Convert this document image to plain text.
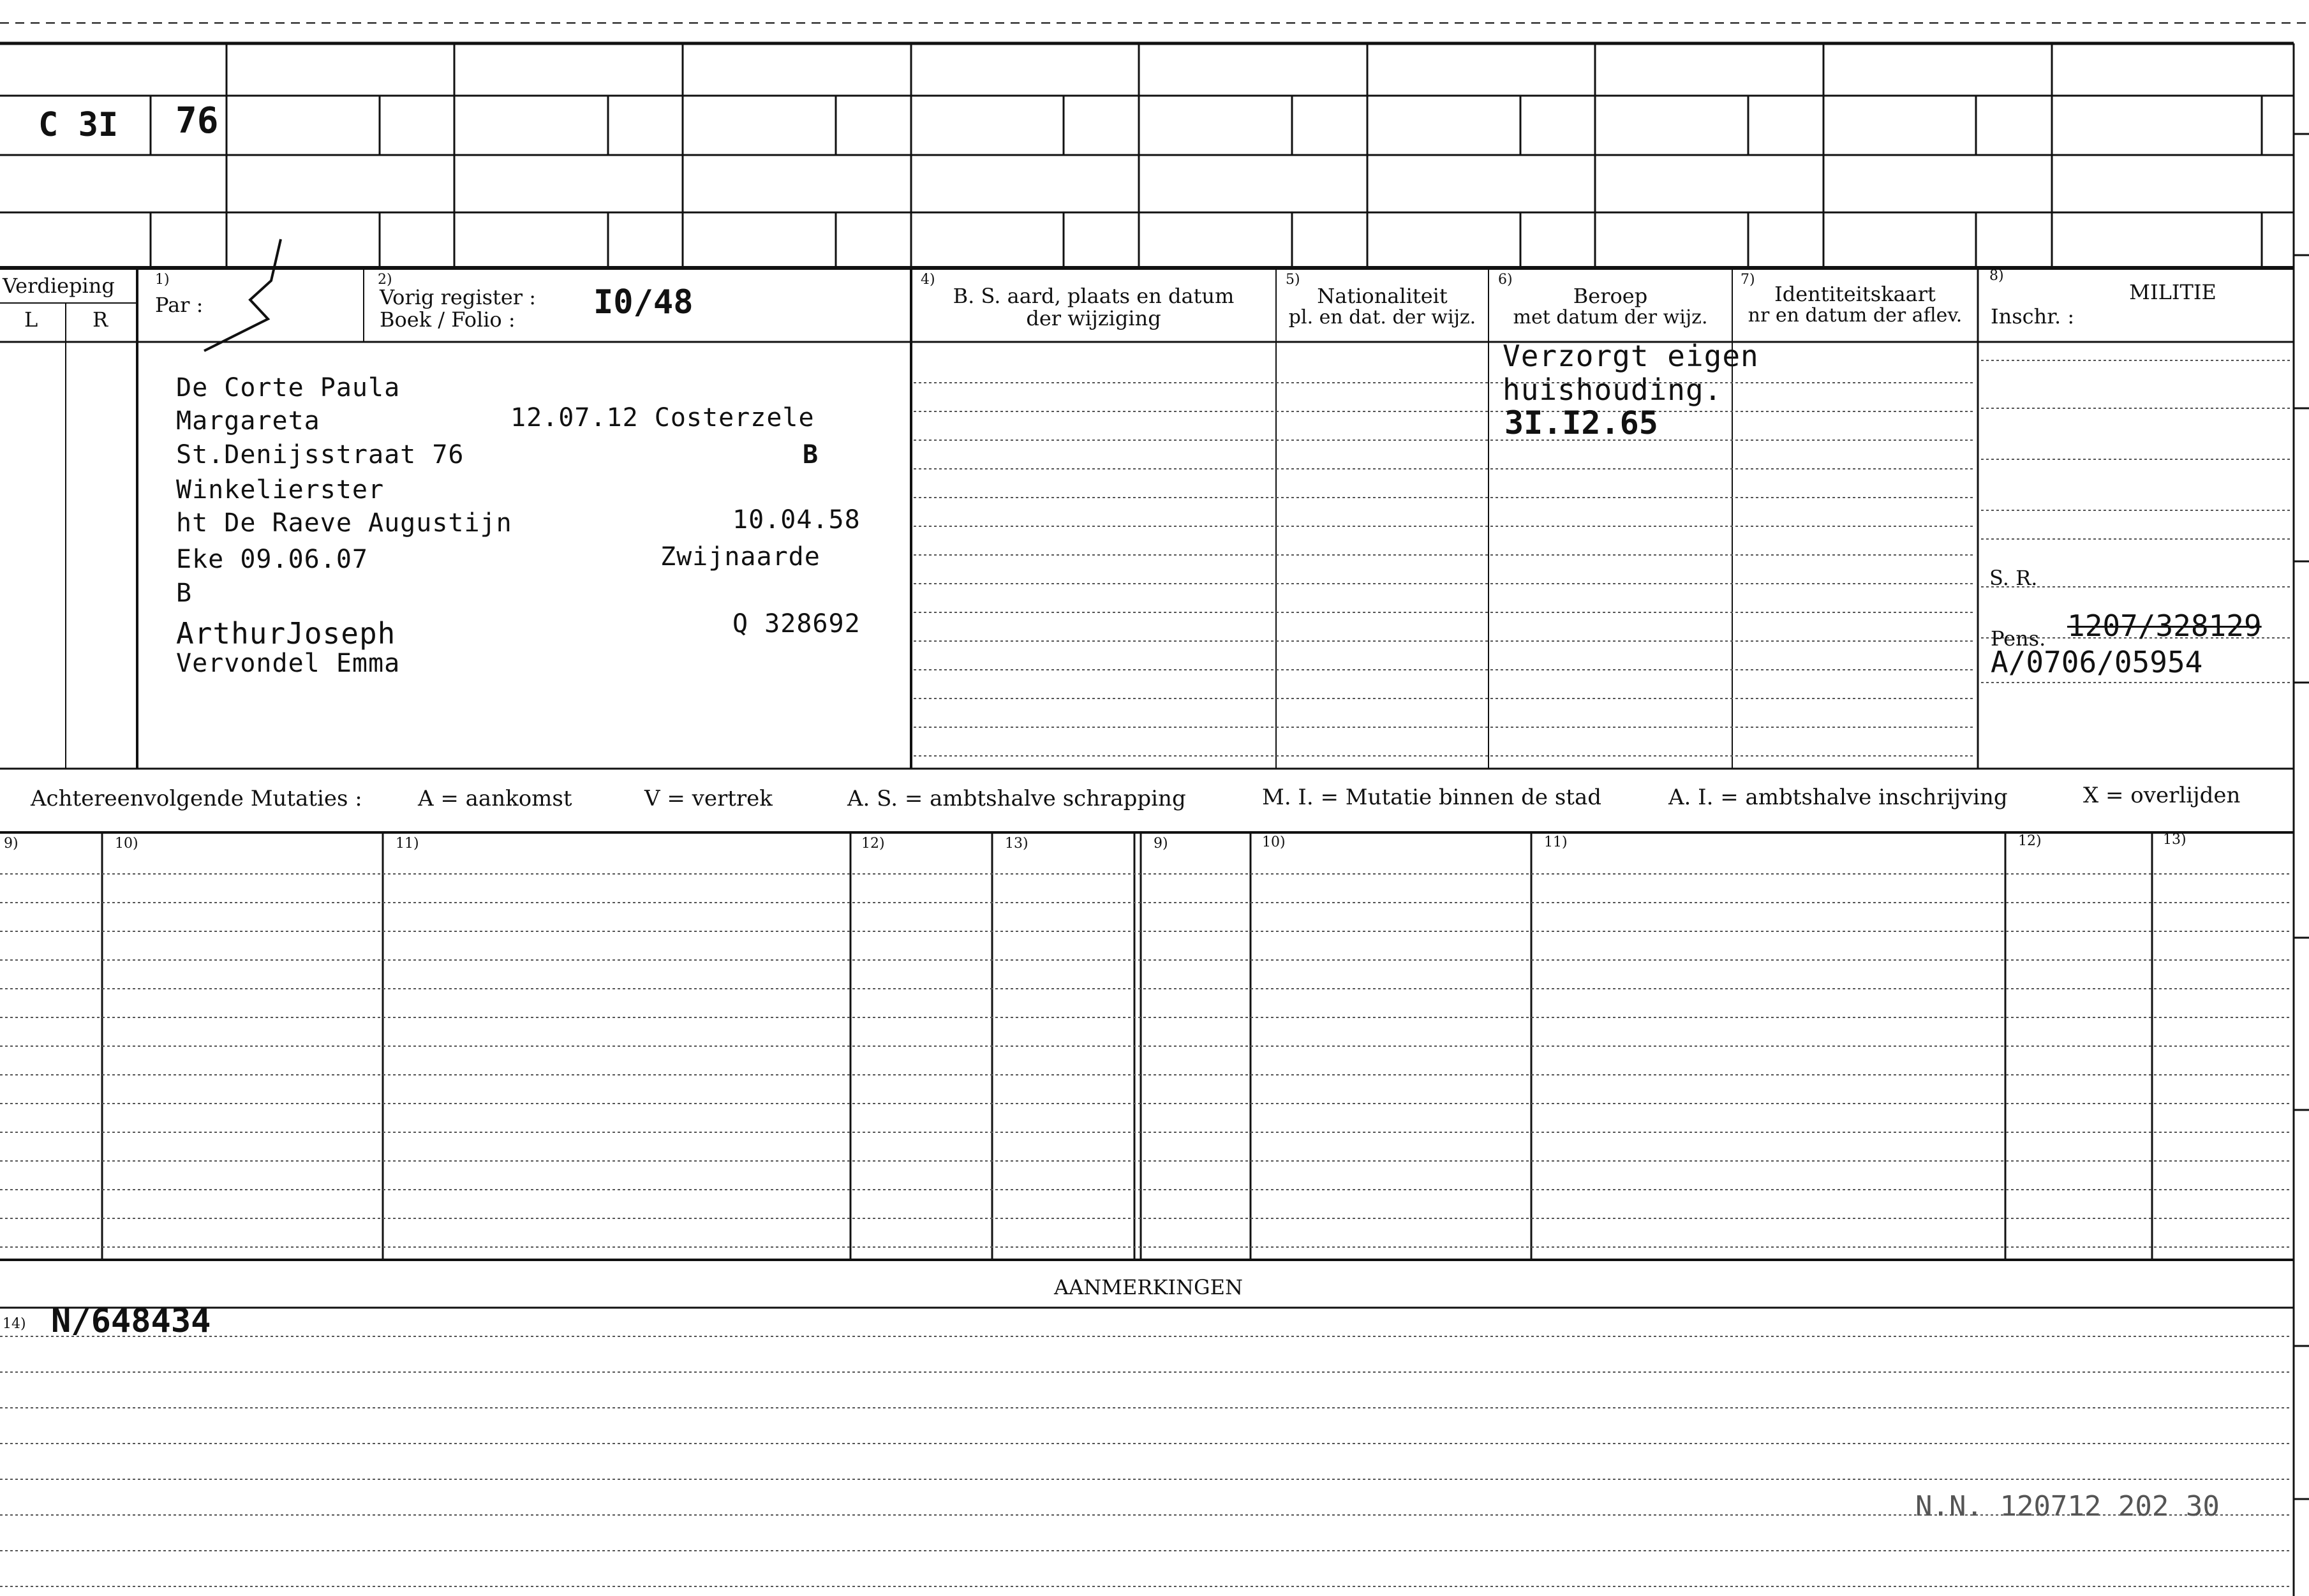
C 3I 76
Verdieping
L	R
1)
Par :
2)
Vorig register :
Boek / Folio : I0/48
4)
B. S. aard, plaats en datum
der wijziging
5)
Nationaliteit
pl. en dat. der wijz.
6)
Beroep
met datum der wijz.
7)
Identiteitskaart
nr en datum der aflev.
8)
MILITIE
Inschr. :
De Corte Paula
Margareta	12.07.12 Costerzele
St.Denijsstraat 76	B
Winkelierster
ht De Raeve Augustijn	10.04.58
Eke 09.06.07	Zwijnaarde
B
ArthurJoseph	Q 328692
Vervondel Emma
Verzorgt eigen
huishouding.
3I.I2.65
S. R.
Pens. 1207/328129
A/0706/05954
Achtereenvolgende Mutaties :	A = aankomst	V = vertrek	A. S. = ambtshalve schrapping	M. I. = Mutatie binnen de stad	A. I. = ambtshalve inschrijving	X = overlijden
9)	10)	11)	12)	13)	9)	10)	11)	12)	13)
AANMERKINGEN
14) N/648434
N.N. 120712 202 30
